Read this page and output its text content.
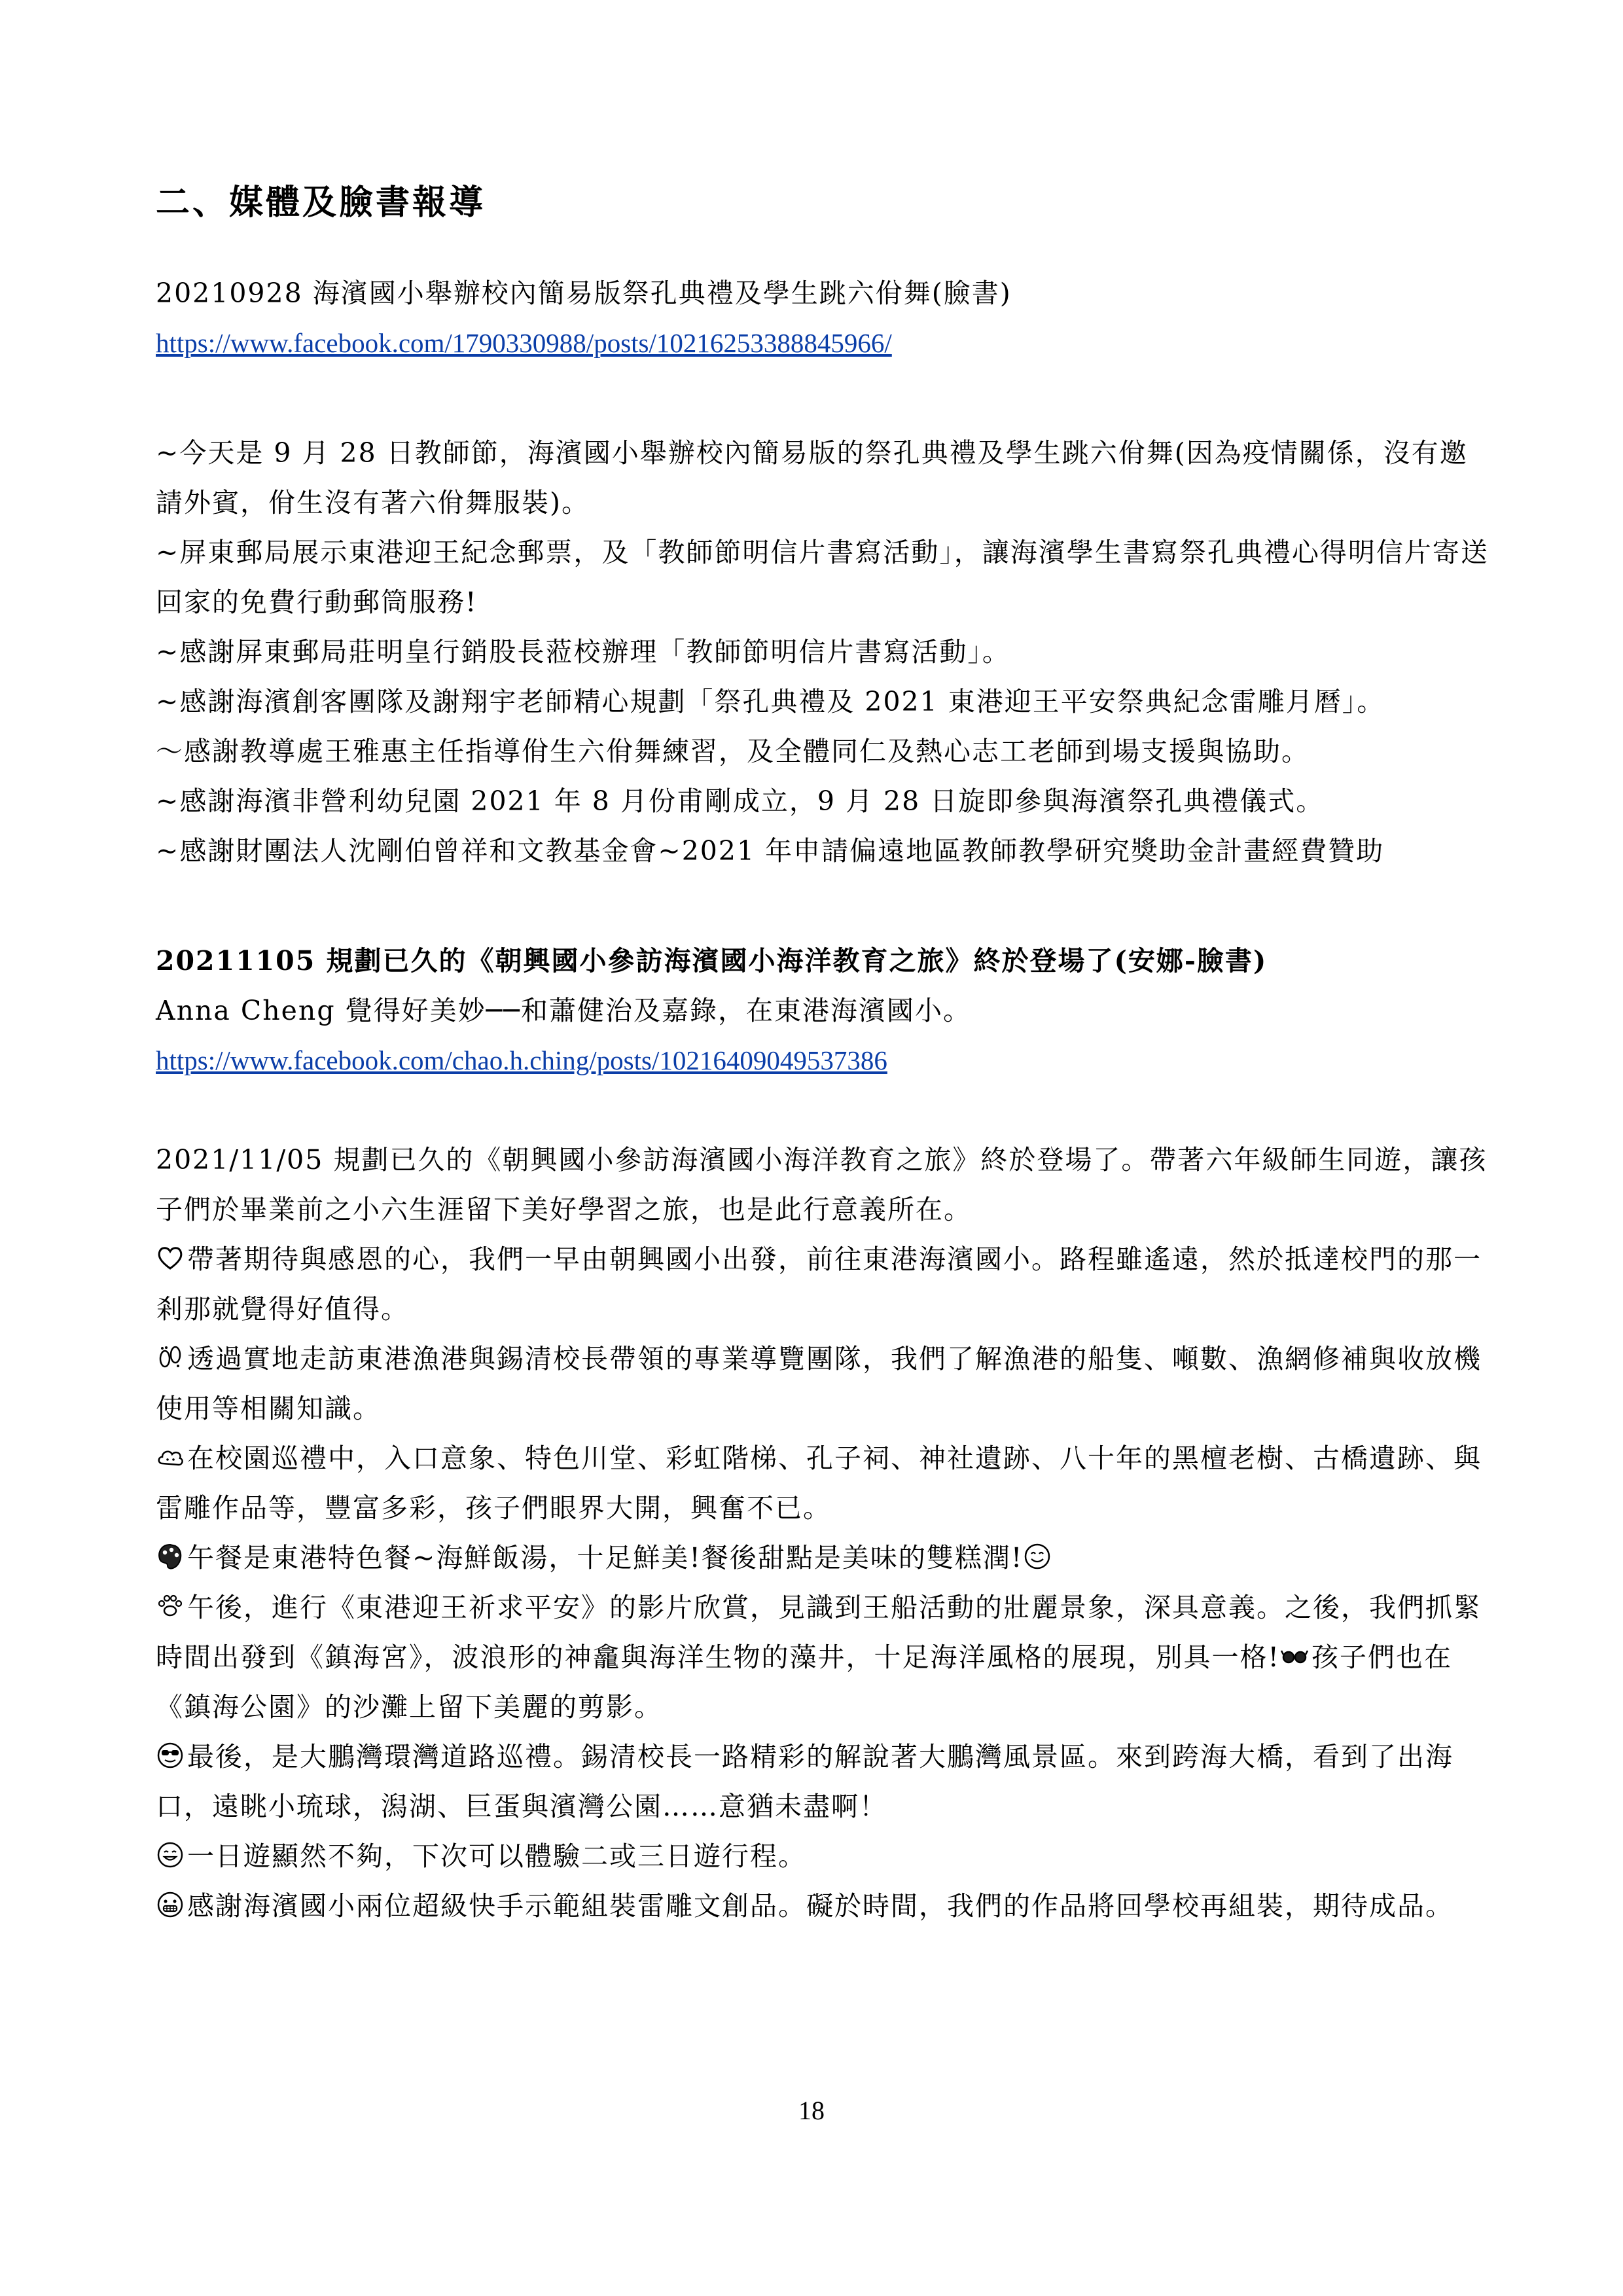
二、媒體及臉書報導

20210928 海濱國小舉辦校內簡易版祭孔典禮及學生跳六佾舞(臉書)

https://www.facebook.com/1790330988/posts/10216253388845966/

~今天是 9 月 28 日教師節，海濱國小舉辦校內簡易版的祭孔典禮及學生跳六佾舞(因為疫情關係，沒有邀請外賓，佾生沒有著六佾舞服裝)。

~屏東郵局展示東港迎王紀念郵票，及「教師節明信片書寫活動」，讓海濱學生書寫祭孔典禮心得明信片寄送回家的免費行動郵筒服務!

~感謝屏東郵局莊明皇行銷股長蒞校辦理「教師節明信片書寫活動」。

~感謝海濱創客團隊及謝翔宇老師精心規劃「祭孔典禮及 2021 東港迎王平安祭典紀念雷雕月曆」。

～感謝教導處王雅惠主任指導佾生六佾舞練習，及全體同仁及熱心志工老師到場支援與協助。

~感謝海濱非營利幼兒園 2021 年 8 月份甫剛成立，9 月 28 日旋即參與海濱祭孔典禮儀式。

~感謝財團法人沈剛伯曾祥和文教基金會~2021 年申請偏遠地區教師教學研究獎助金計畫經費贊助

20211105 規劃已久的《朝興國小參訪海濱國小海洋教育之旅》終於登場了(安娜-臉書)

Anna Cheng 覺得好美妙──和蕭健治及嘉錄，在東港海濱國小。

https://www.facebook.com/chao.h.ching/posts/10216409049537386

2021/11/05 規劃已久的《朝興國小參訪海濱國小海洋教育之旅》終於登場了。帶著六年級師生同遊，讓孩子們於畢業前之小六生涯留下美好學習之旅，也是此行意義所在。

帶著期待與感恩的心，我們一早由朝興國小出發，前往東港海濱國小。路程雖遙遠，然於抵達校門的那一剎那就覺得好值得。

透過實地走訪東港漁港與錫清校長帶領的專業導覽團隊，我們了解漁港的船隻、噸數、漁網修補與收放機使用等相關知識。

在校園巡禮中，入口意象、特色川堂、彩虹階梯、孔子祠、神社遺跡、八十年的黑檀老樹、古橋遺跡、與雷雕作品等，豐富多彩，孩子們眼界大開，興奮不已。

午餐是東港特色餐~海鮮飯湯，十足鮮美!餐後甜點是美味的雙糕潤!

午後，進行《東港迎王祈求平安》的影片欣賞，見識到王船活動的壯麗景象，深具意義。之後，我們抓緊時間出發到《鎮海宮》，波浪形的神龕與海洋生物的藻井，十足海洋風格的展現，別具一格! 孩子們也在《鎮海公園》的沙灘上留下美麗的剪影。

最後，是大鵬灣環灣道路巡禮。錫清校長一路精彩的解說著大鵬灣風景區。來到跨海大橋，看到了出海口，遠眺小琉球，潟湖、巨蛋與濱灣公園……意猶未盡啊！

一日遊顯然不夠，下次可以體驗二或三日遊行程。

感謝海濱國小兩位超級快手示範組裝雷雕文創品。礙於時間，我們的作品將回學校再組裝，期待成品。

18
